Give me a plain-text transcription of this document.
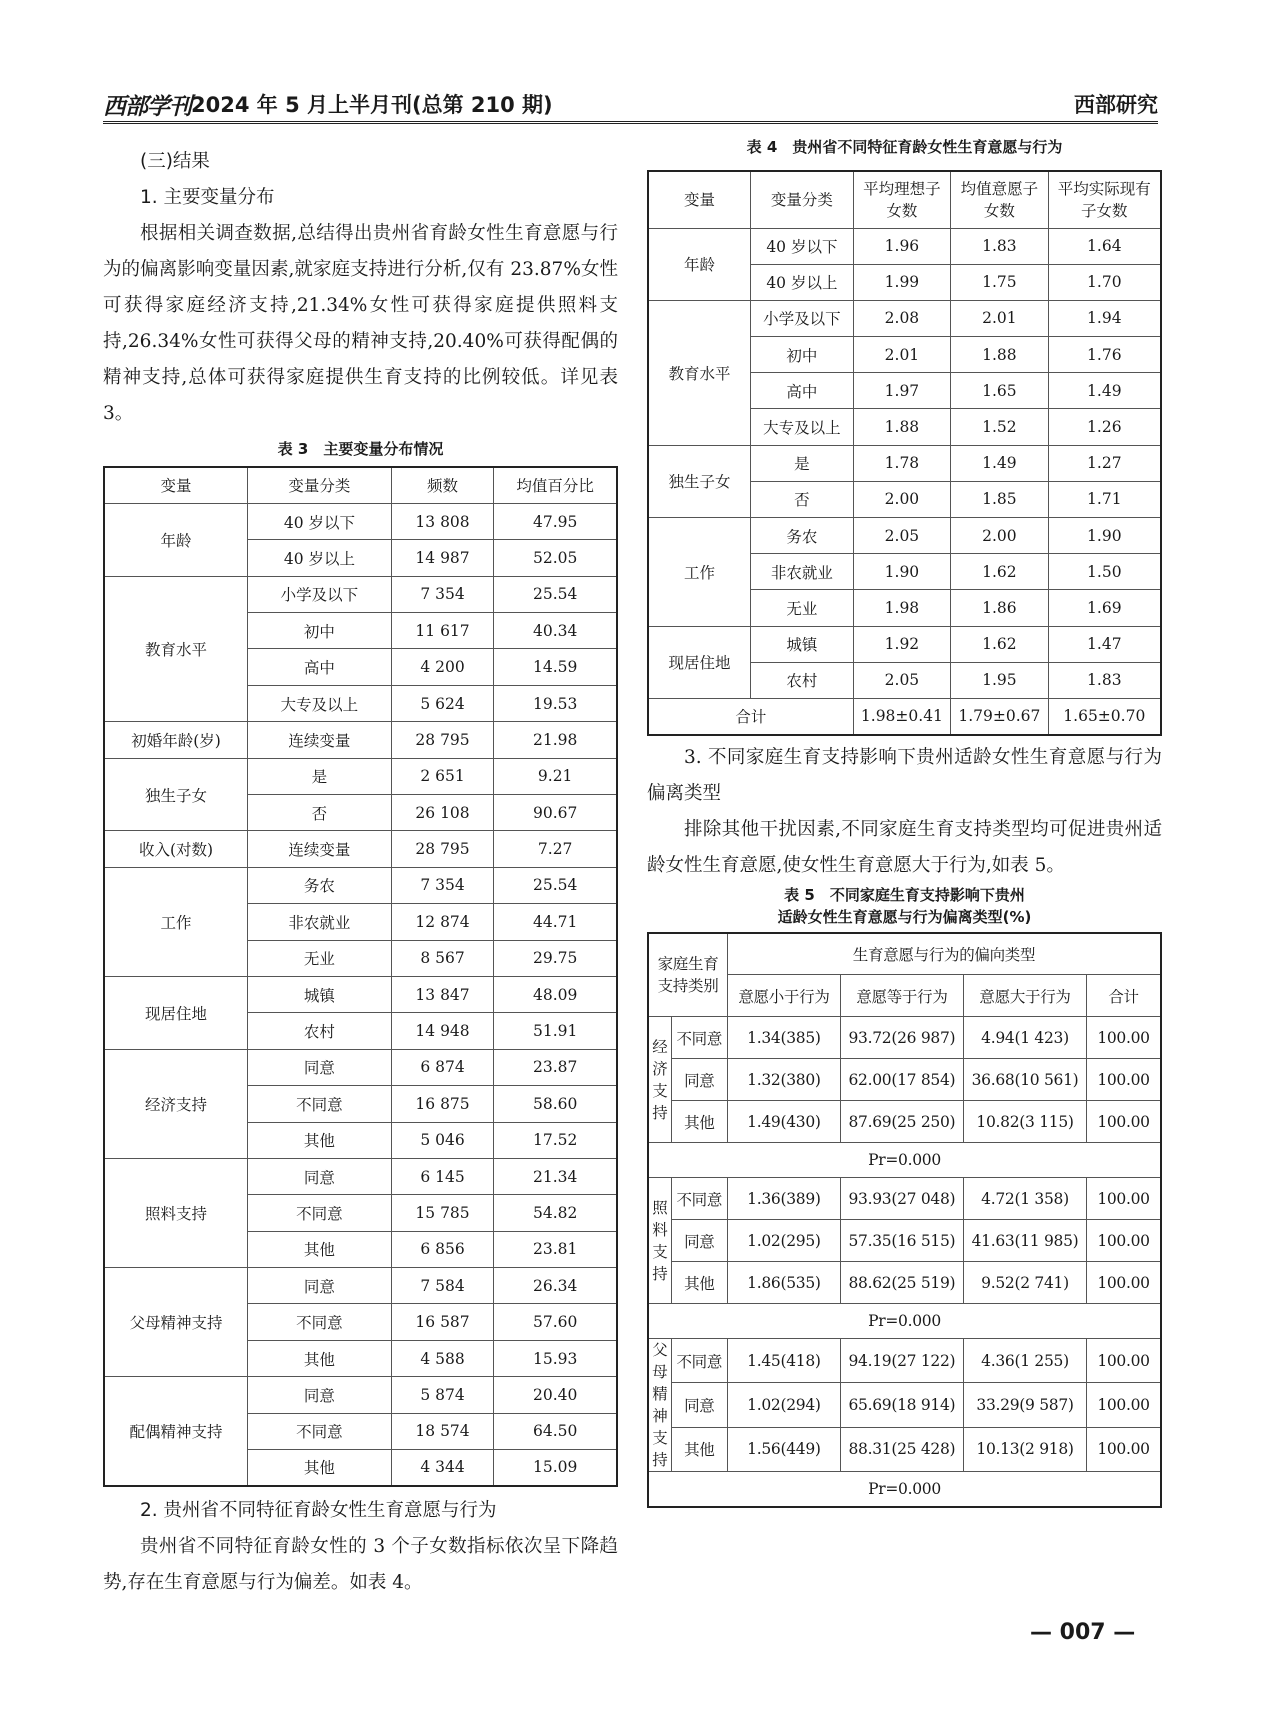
西部学刊 2024 年 5 月上半月刊(总第 210 期)	西部研究
(三)结果
1. 主要变量分布

根据相关调查数据,总结得出贵州省育龄女性生育意愿与行为的偏离影响变量因素,就家庭支持进行分析,仅有 23.87%女性可获得家庭经济支持,21.34%女性可获得家庭提供照料支持,26.34%女性可获得父母的精神支持,20.40%可获得配偶的精神支持,总体可获得家庭提供生育支持的比例较低。详见表 3。

表 3　主要变量分布情况
变量	变量分类	频数	均值百分比
年龄	40 岁以下	13 808	47.95
	40 岁以上	14 987	52.05
教育水平	小学及以下	7 354	25.54
	初中	11 617	40.34
	高中	4 200	14.59
	大专及以上	5 624	19.53
初婚年龄(岁)	连续变量	28 795	21.98
独生子女	是	2 651	9.21
	否	26 108	90.67
收入(对数)	连续变量	28 795	7.27
工作	务农	7 354	25.54
	非农就业	12 874	44.71
	无业	8 567	29.75
现居住地	城镇	13 847	48.09
	农村	14 948	51.91
经济支持	同意	6 874	23.87
	不同意	16 875	58.60
	其他	5 046	17.52
照料支持	同意	6 145	21.34
	不同意	15 785	54.82
	其他	6 856	23.81
父母精神支持	同意	7 584	26.34
	不同意	16 587	57.60
	其他	4 588	15.93
配偶精神支持	同意	5 874	20.40
	不同意	18 574	64.50
	其他	4 344	15.09
2. 贵州省不同特征育龄女性生育意愿与行为

贵州省不同特征育龄女性的 3 个子女数指标依次呈下降趋势,存在生育意愿与行为偏差。如表 4。

表 4　贵州省不同特征育龄女性生育意愿与行为
变量	变量分类	平均理想子女数	均值意愿子女数	平均实际现有子女数
年龄	40 岁以下	1.96	1.83	1.64
	40 岁以上	1.99	1.75	1.70
教育水平	小学及以下	2.08	2.01	1.94
	初中	2.01	1.88	1.76
	高中	1.97	1.65	1.49
	大专及以上	1.88	1.52	1.26
独生子女	是	1.78	1.49	1.27
	否	2.00	1.85	1.71
工作	务农	2.05	2.00	1.90
	非农就业	1.90	1.62	1.50
	无业	1.98	1.86	1.69
现居住地	城镇	1.92	1.62	1.47
	农村	2.05	1.95	1.83
合计		1.98±0.41	1.79±0.67	1.65±0.70

3. 不同家庭生育支持影响下贵州适龄女性生育意愿与行为偏离类型

排除其他干扰因素,不同家庭生育支持类型均可促进贵州适龄女性生育意愿,使女性生育意愿大于行为,如表 5。

表 5　不同家庭生育支持影响下贵州
适龄女性生育意愿与行为偏离类型(%)
家庭生育支持类别		生育意愿与行为的偏向类型			
		意愿小于行为	意愿等于行为	意愿大于行为	合计
经济支持	不同意	1.34(385)	93.72(26 987)	4.94(1 423)	100.00
	同意	1.32(380)	62.00(17 854)	36.68(10 561)	100.00
	其他	1.49(430)	87.69(25 250)	10.82(3 115)	100.00
Pr=0.000					
照料支持	不同意	1.36(389)	93.93(27 048)	4.72(1 358)	100.00
	同意	1.02(295)	57.35(16 515)	41.63(11 985)	100.00
	其他	1.86(535)	88.62(25 519)	9.52(2 741)	100.00
Pr=0.000					
父母精神支持	不同意	1.45(418)	94.19(27 122)	4.36(1 255)	100.00
	同意	1.02(294)	65.69(18 914)	33.29(9 587)	100.00
	其他	1.56(449)	88.31(25 428)	10.13(2 918)	100.00
Pr=0.000					
— 007 —
